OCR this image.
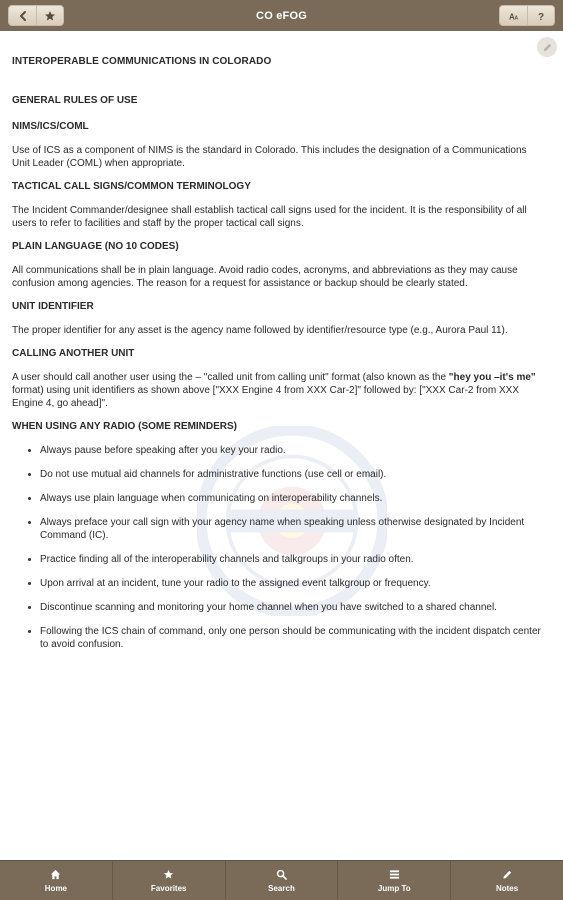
CO eFOG	A A ?
INTEROPERABLE COMMUNICATIONS IN COLORADO
GENERAL RULES OF USE
NIMS/ICS/COML

Use of ICS as a component of NIMS is the standard in Colorado. This includes the designation of a Communications Unit Leader (COML) when appropriate.

TACTICAL CALL SIGNS/COMMON TERMINOLOGY

The Incident Commander/designee shall establish tactical call signs used for the incident. It is the responsibility of all users to refer to facilities and staff by the proper tactical call signs.

PLAIN LANGUAGE (NO 10 CODES)

All communications shall be in plain language. Avoid radio codes, acronyms, and abbreviations as they may cause confusion among agencies. The reason for a request for assistance or backup should be clearly stated.

UNIT IDENTIFIER

The proper identifier for any asset is the agency name followed by identifier/resource type (e.g., Aurora Paul 11).

CALLING ANOTHER UNIT

A user should call another user using the – "called unit from calling unit" format (also known as the "hey you –it's me" format) using unit identifiers as shown above ["XXX Engine 4 from XXX Car-2]" followed by: ["XXX Car-2 from XXX Engine 4, go ahead]".

WHEN USING ANY RADIO (SOME REMINDERS)
Always pause before speaking after you key your radio.
Do not use mutual aid channels for administrative functions (use cell or email).
Always use plain language when communicating on interoperability channels.
Always preface your call sign with your agency name when speaking unless otherwise designated by Incident Command (IC).
Practice finding all of the interoperability channels and talkgroups in your radio often.
Upon arrival at an incident, tune your radio to the assigned event talkgroup or frequency.
Discontinue scanning and monitoring your home channel when you have switched to a shared channel.
Following the ICS chain of command, only one person should be communicating with the incident dispatch center to avoid confusion.
Home	Favorites	Search	Jump To	Notes
